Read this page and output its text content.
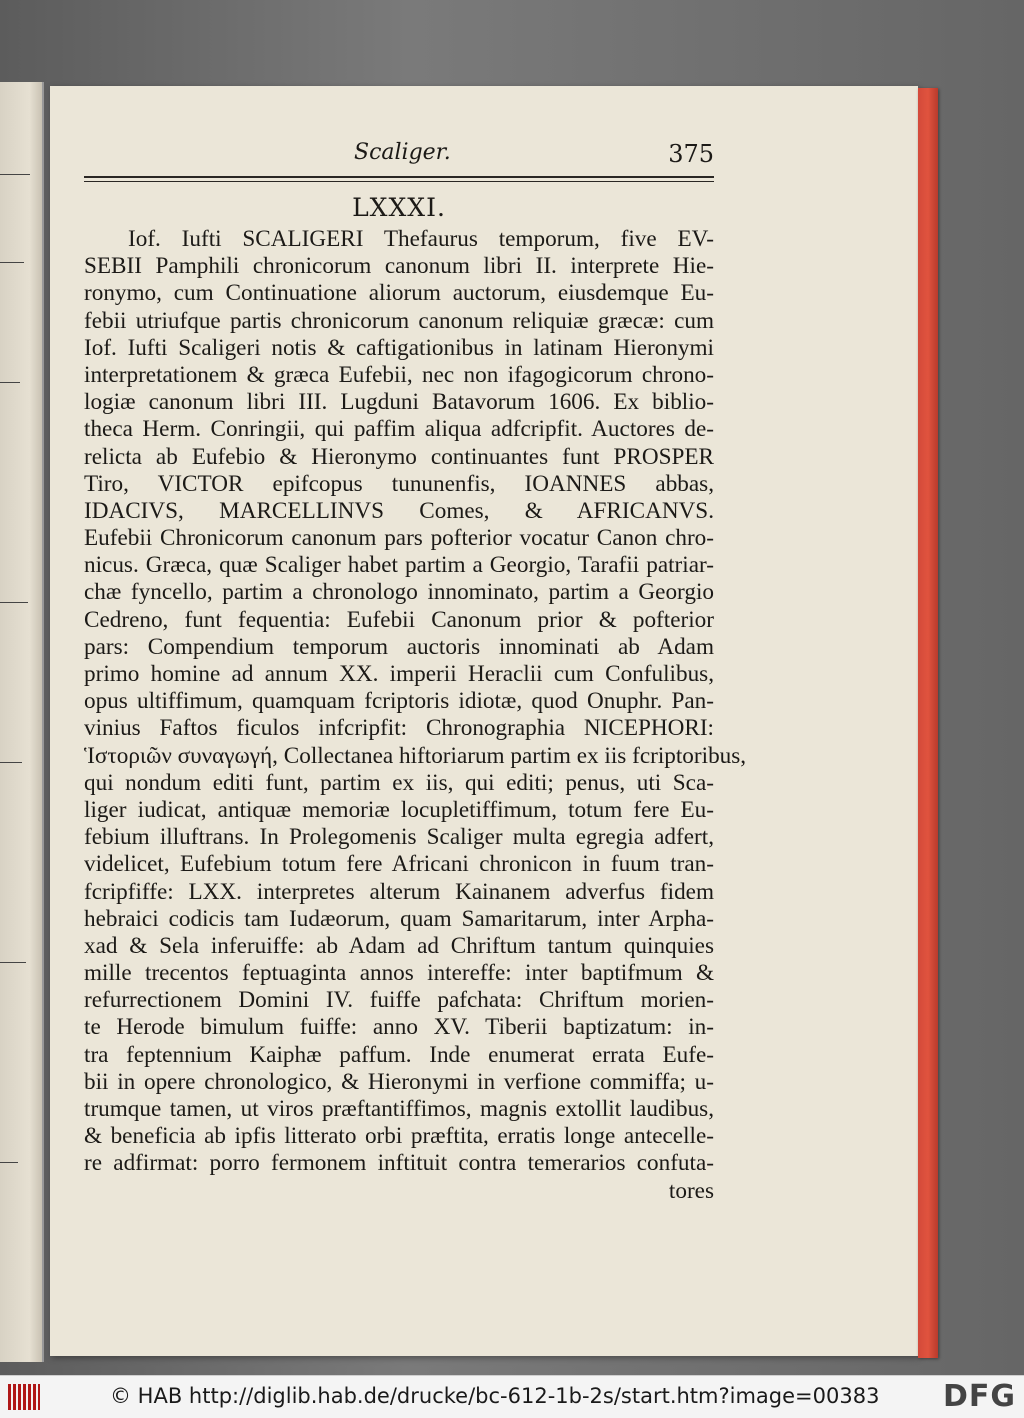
Scaliger.	375
LXXXI.
Iof. Iufti SCALIGERI Thefaurus temporum, five EV-
SEBII Pamphili chronicorum canonum libri II. interprete Hie-
ronymo, cum Continuatione aliorum auctorum, eiusdemque Eu-
febii utriufque partis chronicorum canonum reliquiæ græcæ: cum
Iof. Iufti Scaligeri notis & caftigationibus in latinam Hieronymi
interpretationem & græca Eufebii, nec non ifagogicorum chrono-
logiæ canonum libri III. Lugduni Batavorum 1606. Ex biblio-
theca Herm. Conringii, qui paffim aliqua adfcripfit. Auctores de-
relicta ab Eufebio & Hieronymo continuantes funt PROSPER
Tiro, VICTOR epifcopus tununenfis, IOANNES abbas,
IDACIVS, MARCELLINVS Comes, & AFRICANVS.
Eufebii Chronicorum canonum pars pofterior vocatur Canon chro-
nicus. Græca, quæ Scaliger habet partim a Georgio, Tarafii patriar-
chæ fyncello, partim a chronologo innominato, partim a Georgio
Cedreno, funt fequentia: Eufebii Canonum prior & pofterior
pars: Compendium temporum auctoris innominati ab Adam
primo homine ad annum XX. imperii Heraclii cum Confulibus,
opus ultiffimum, quamquam fcriptoris idiotæ, quod Onuphr. Pan-
vinius Faftos ficulos infcripfit: Chronographia NICEPHORI:
Ἱστοριῶν συναγωγή, Collectanea hiftoriarum partim ex iis fcriptoribus,
qui nondum editi funt, partim ex iis, qui editi; penus, uti Sca-
liger iudicat, antiquæ memoriæ locupletiffimum, totum fere Eu-
febium illuftrans. In Prolegomenis Scaliger multa egregia adfert,
videlicet, Eufebium totum fere Africani chronicon in fuum tran-
fcripfiffe: LXX. interpretes alterum Kainanem adverfus fidem
hebraici codicis tam Iudæorum, quam Samaritarum, inter Arpha-
xad & Sela inferuiffe: ab Adam ad Chriftum tantum quinquies
mille trecentos feptuaginta annos intereffe: inter baptifmum &
refurrectionem Domini IV. fuiffe pafchata: Chriftum morien-
te Herode bimulum fuiffe: anno XV. Tiberii baptizatum: in-
tra feptennium Kaiphæ paffum. Inde enumerat errata Eufe-
bii in opere chronologico, & Hieronymi in verfione commiffa; u-
trumque tamen, ut viros præftantiffimos, magnis extollit laudibus,
& beneficia ab ipfis litterato orbi præftita, erratis longe antecelle-
re adfirmat: porro fermonem inftituit contra temerarios confuta-
tores
© HAB http://diglib.hab.de/drucke/bc-612-1b-2s/start.htm?image=00383 DFG
